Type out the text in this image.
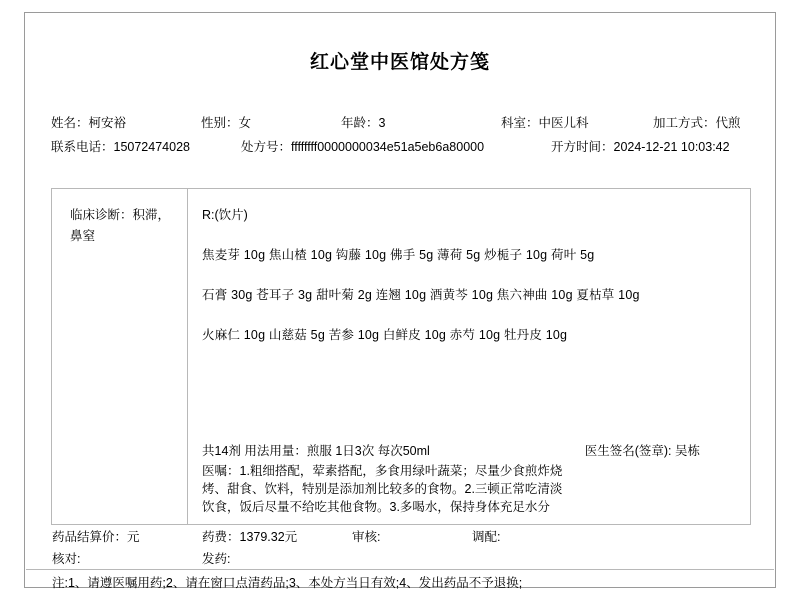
红心堂中医馆处方笺
姓名：柯安裕	性别：女	年龄：3	科室：中医儿科	加工方式：代煎
联系电话：15072474028	处方号：ffffffff0000000034e51a5eb6a80000	开方时间：2024-12-21 10:03:42
临床诊断：积滞，鼻窒
R:(饮片)
焦麦芽 10g 焦山楂 10g 钩藤 10g 佛手 5g 薄荷 5g 炒栀子 10g 荷叶 5g
石膏 30g 苍耳子 3g 甜叶菊 2g 连翘 10g 酒黄芩 10g 焦六神曲 10g 夏枯草 10g
火麻仁 10g 山慈菇 5g 苦参 10g 白鲜皮 10g 赤芍 10g 牡丹皮 10g
共14剂 用法用量：煎服 1日3次 每次50ml	医生签名(签章): 吴栋
医嘱：1.粗细搭配，荤素搭配，多食用绿叶蔬菜；尽量少食煎炸烧
烤、甜食、饮料，特别是添加剂比较多的食物。2.三顿正常吃清淡
饮食，饭后尽量不给吃其他食物。3.多喝水，保持身体充足水分
药品结算价：元	药费：1379.32元	审核:	调配:
核对:	发药:
注:1、请遵医嘱用药;2、请在窗口点清药品;3、本处方当日有效;4、发出药品不予退换;
